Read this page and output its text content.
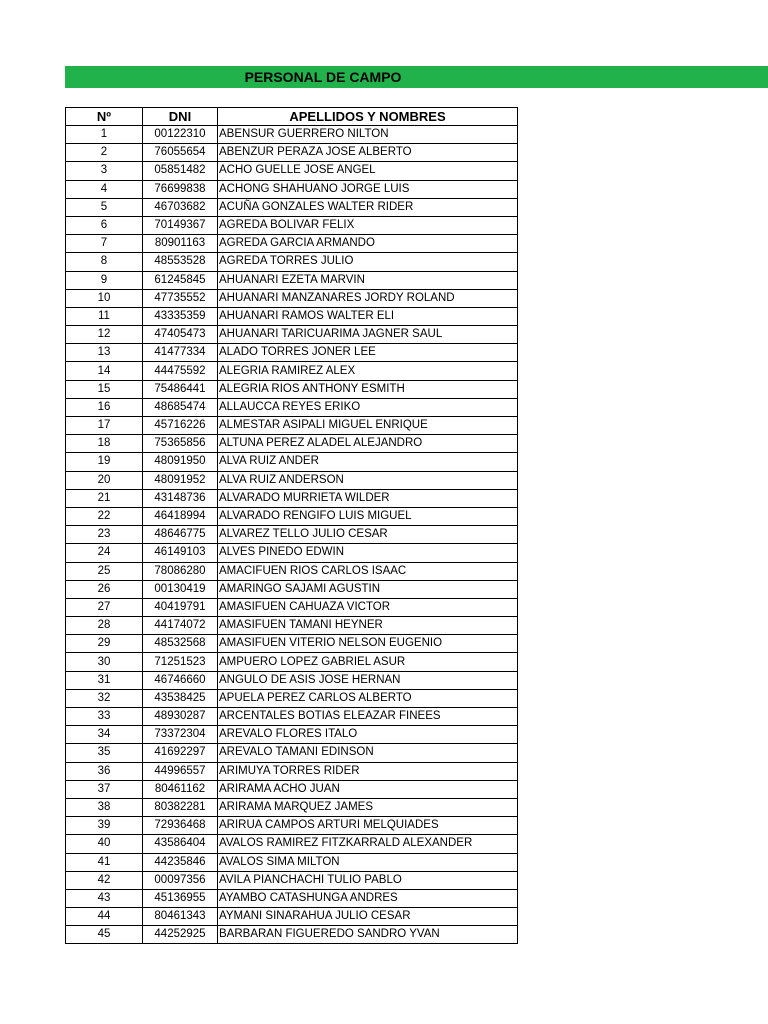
PERSONAL DE CAMPO
Nº	DNI	APELLIDOS Y NOMBRES
1	00122310	ABENSUR GUERRERO NILTON
2	76055654	ABENZUR PERAZA JOSE ALBERTO
3	05851482	ACHO GUELLE JOSE ANGEL
4	76699838	ACHONG SHAHUANO JORGE LUIS
5	46703682	ACUÑA GONZALES WALTER RIDER
6	70149367	AGREDA BOLIVAR FELIX
7	80901163	AGREDA GARCIA ARMANDO
8	48553528	AGREDA TORRES JULIO
9	61245845	AHUANARI EZETA MARVIN
10	47735552	AHUANARI MANZANARES JORDY ROLAND
11	43335359	AHUANARI RAMOS WALTER ELI
12	47405473	AHUANARI TARICUARIMA JAGNER SAUL
13	41477334	ALADO TORRES JONER LEE
14	44475592	ALEGRIA RAMIREZ ALEX
15	75486441	ALEGRIA RIOS ANTHONY ESMITH
16	48685474	ALLAUCCA REYES ERIKO
17	45716226	ALMESTAR ASIPALI MIGUEL ENRIQUE
18	75365856	ALTUNA PEREZ ALADEL ALEJANDRO
19	48091950	ALVA RUIZ ANDER
20	48091952	ALVA RUIZ ANDERSON
21	43148736	ALVARADO MURRIETA WILDER
22	46418994	ALVARADO RENGIFO LUIS MIGUEL
23	48646775	ALVAREZ TELLO JULIO CESAR
24	46149103	ALVES PINEDO EDWIN
25	78086280	AMACIFUEN RIOS CARLOS ISAAC
26	00130419	AMARINGO SAJAMI AGUSTIN
27	40419791	AMASIFUEN CAHUAZA VICTOR
28	44174072	AMASIFUEN TAMANI HEYNER
29	48532568	AMASIFUEN VITERIO NELSON EUGENIO
30	71251523	AMPUERO LOPEZ GABRIEL ASUR
31	46746660	ANGULO DE ASIS JOSE HERNAN
32	43538425	APUELA PEREZ CARLOS ALBERTO
33	48930287	ARCENTALES BOTIAS ELEAZAR FINEES
34	73372304	AREVALO FLORES ITALO
35	41692297	AREVALO TAMANI EDINSON
36	44996557	ARIMUYA TORRES RIDER
37	80461162	ARIRAMA ACHO JUAN
38	80382281	ARIRAMA MARQUEZ JAMES
39	72936468	ARIRUA CAMPOS ARTURI MELQUIADES
40	43586404	AVALOS RAMIREZ FITZKARRALD ALEXANDER
41	44235846	AVALOS SIMA MILTON
42	00097356	AVILA PIANCHACHI TULIO PABLO
43	45136955	AYAMBO CATASHUNGA ANDRES
44	80461343	AYMANI SINARAHUA JULIO CESAR
45	44252925	BARBARAN FIGUEREDO SANDRO YVAN
